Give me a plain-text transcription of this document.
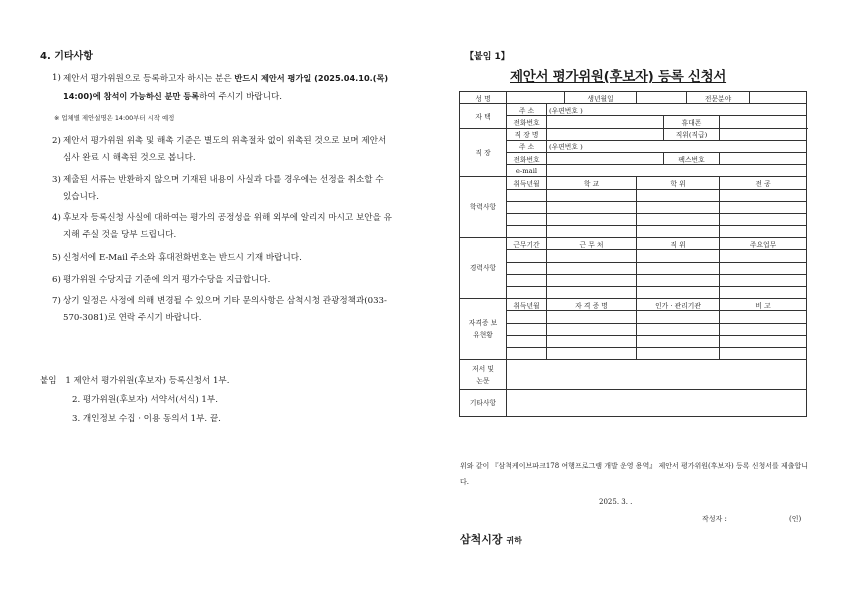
4. 기타사항
1) 제안서 평가위원으로 등록하고자 하시는 분은 반드시 제안서 평가일 (2025.04.10.(목) 14:00)에 참석이 가능하신 분만 등록하여 주시기 바랍니다.
※ 업체별 제안설명은 14:00부터 시작 예정
2) 제안서 평가위원 위촉 및 해촉 기준은 별도의 위촉절차 없이 위촉된 것으로 보며 제안서 심사 완료 시 해촉된 것으로 봅니다.
3) 제출된 서류는 반환하지 않으며 기재된 내용이 사실과 다를 경우에는 선정을 취소할 수 있습니다.
4) 후보자 등록신청 사실에 대하여는 평가의 공정성을 위해 외부에 알리지 마시고 보안을 유지해 주실 것을 당부 드립니다.
5) 신청서에 E-Mail 주소와 휴대전화번호는 반드시 기재 바랍니다.
6) 평가위원 수당지급 기준에 의거 평가수당을 지급합니다.
7) 상기 일정은 사정에 의해 변경될 수 있으며 기타 문의사항은 삼척시청 관광정책과(033-570-3081)로 연락 주시기 바랍니다.
붙임 1 제안서 평가위원(후보자) 등록신청서 1부.
2. 평가위원(후보자) 서약서(서식) 1부.
3. 개인정보 수집 · 이용 동의서 1부. 끝.
【붙임 1】
제안서 평가위원(후보자) 등록 신청서
성 명			생년월일			전문분야		
자 택	주 소	(우편번호 )						
	전화번호				휴대폰			
직 장	직 장 명				직위(직급)			
	주 소	(우편번호 )						
	전화번호				팩스번호			
	e-mail							
학력사항	취득년월	학 교		학 위			전 공	

경력사항	근무기간	근 무 처		직 위			주요업무	

자격증 보유현황	취득년월	자 격 증 명		인가 · 관리기관			비 고	

저서 및 논문								
기타사항								
위와 같이 『삼척케이브파크178 여행프로그램 개발 운영 용역』 제안서 평가위원(후보자) 등록 신청서를 제출합니다.
2025. 3. .
작성자 :	(인)
삼척시장 귀하
